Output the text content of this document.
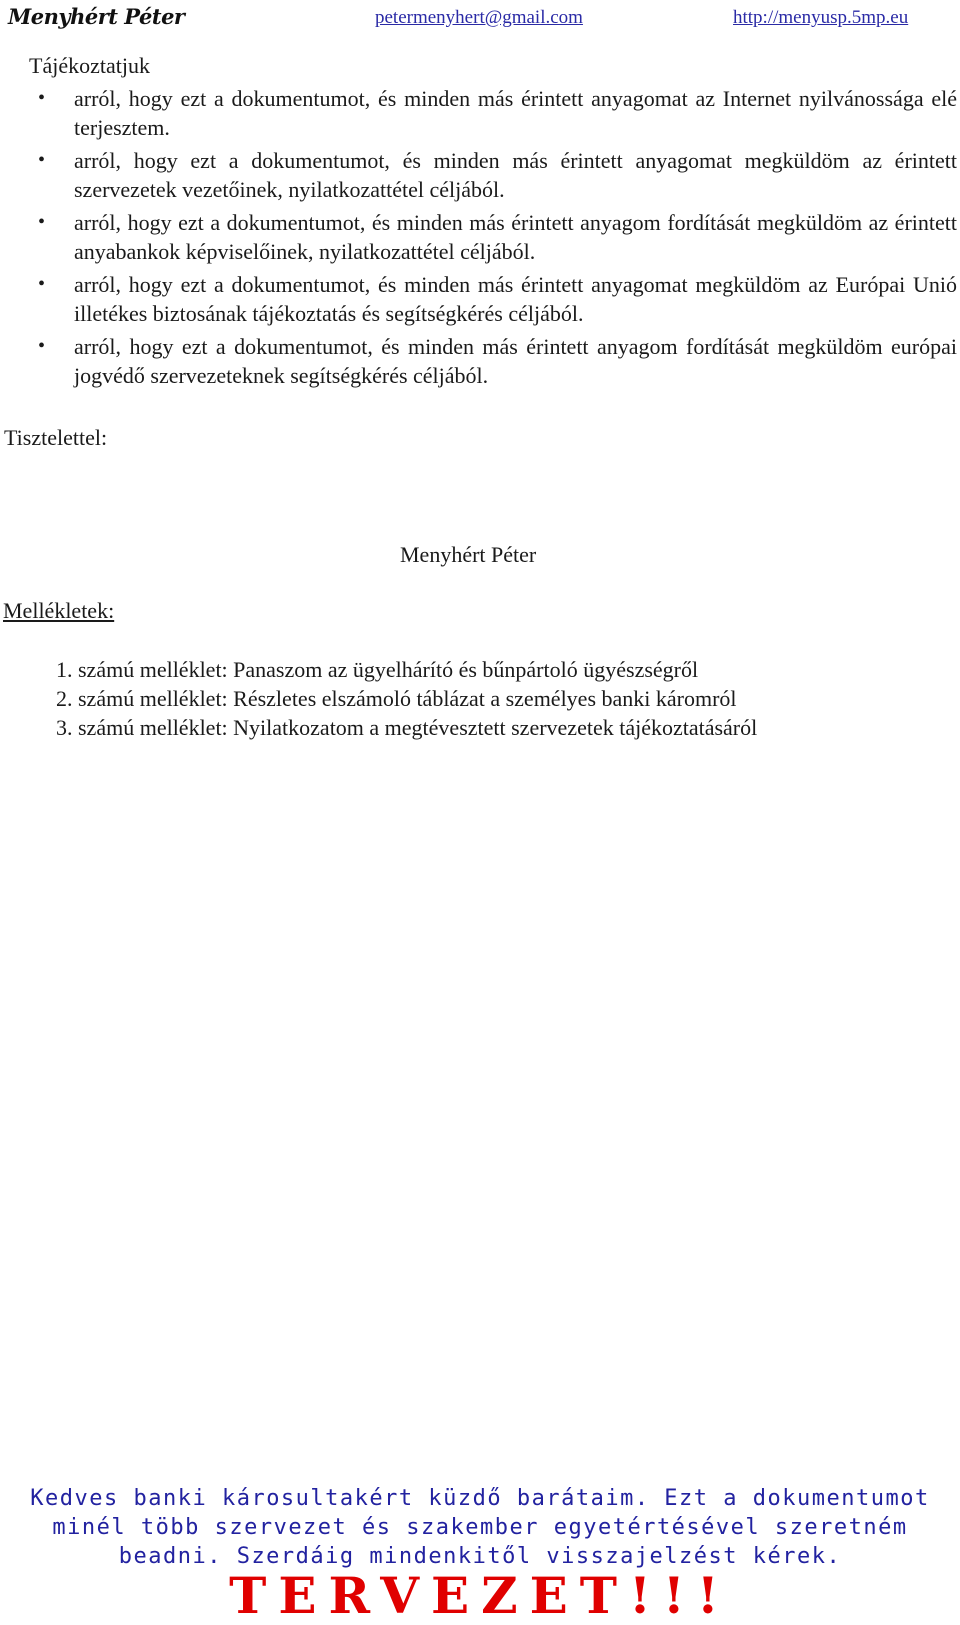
Menyhért Péter	petermenyhert@gmail.com	http://menyusp.5mp.eu
Tájékoztatjuk
• arról, hogy ezt a dokumentumot, és minden más érintett anyagomat az Internet nyilvánossága elé terjesztem.
• arról, hogy ezt a dokumentumot, és minden más érintett anyagomat megküldöm az érintett szervezetek vezetőinek, nyilatkozattétel céljából.
• arról, hogy ezt a dokumentumot, és minden más érintett anyagom fordítását megküldöm az érintett anyabankok képviselőinek, nyilatkozattétel céljából.
• arról, hogy ezt a dokumentumot, és minden más érintett anyagomat megküldöm az Európai Unió illetékes biztosának tájékoztatás és segítségkérés céljából.
• arról, hogy ezt a dokumentumot, és minden más érintett anyagom fordítását megküldöm európai jogvédő szervezeteknek segítségkérés céljából.
Tisztelettel:
Menyhért Péter
Mellékletek:
1. számú melléklet: Panaszom az ügyelhárító és bűnpártoló ügyészségről
2. számú melléklet: Részletes elszámoló táblázat a személyes banki káromról
3. számú melléklet: Nyilatkozatom a megtévesztett szervezetek tájékoztatásáról
Kedves banki károsultakért küzdő barátaim. Ezt a dokumentumot minél több szervezet és szakember egyetértésével szeretném beadni. Szerdáig mindenkitől visszajelzést kérek.
TERVEZET!!!
